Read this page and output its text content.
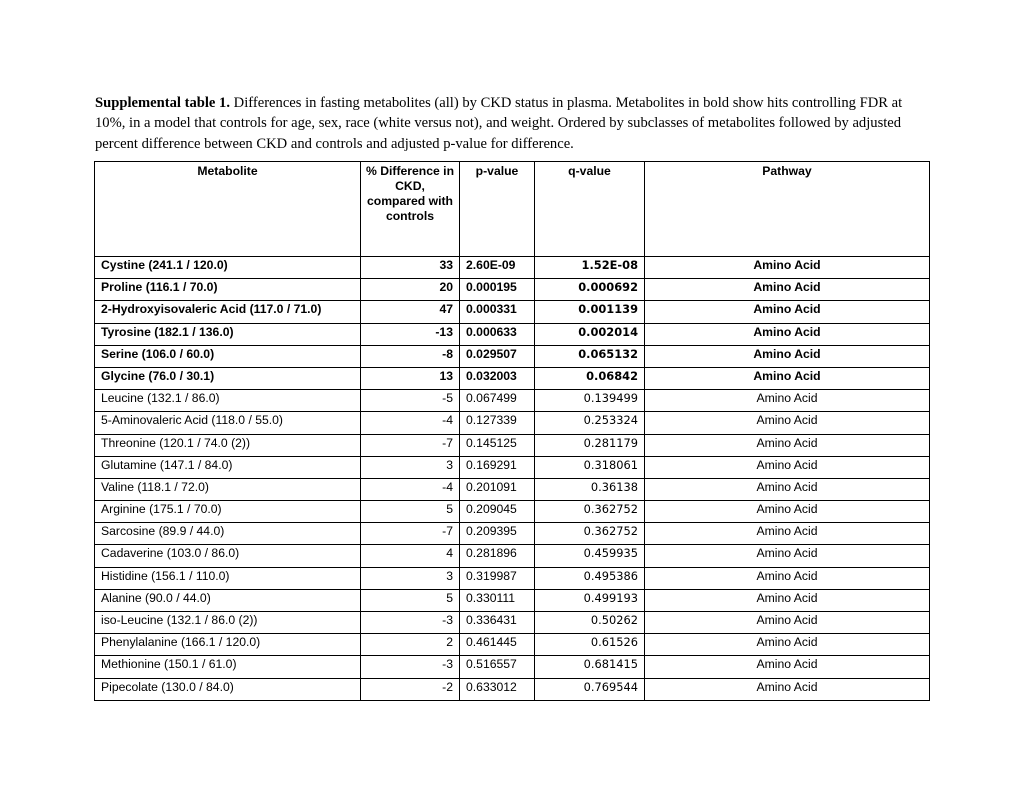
Supplemental table 1. Differences in fasting metabolites (all) by CKD status in plasma. Metabolites in bold show hits controlling FDR at 10%, in a model that controls for age, sex, race (white versus not), and weight. Ordered by subclasses of metabolites followed by adjusted percent difference between CKD and controls and adjusted p-value for difference.
Metabolite	% Difference in CKD, compared with controls	p-value	q-value	Pathway
Cystine (241.1 / 120.0)	33	2.60E-09	1.52E-08	Amino Acid
Proline (116.1 / 70.0)	20	0.000195	0.000692	Amino Acid
2-Hydroxyisovaleric Acid (117.0 / 71.0)	47	0.000331	0.001139	Amino Acid
Tyrosine (182.1 / 136.0)	-13	0.000633	0.002014	Amino Acid
Serine (106.0 / 60.0)	-8	0.029507	0.065132	Amino Acid
Glycine (76.0 / 30.1)	13	0.032003	0.06842	Amino Acid
Leucine (132.1 / 86.0)	-5	0.067499	0.139499	Amino Acid
5-Aminovaleric Acid (118.0 / 55.0)	-4	0.127339	0.253324	Amino Acid
Threonine (120.1 / 74.0 (2))	-7	0.145125	0.281179	Amino Acid
Glutamine (147.1 / 84.0)	3	0.169291	0.318061	Amino Acid
Valine (118.1 / 72.0)	-4	0.201091	0.36138	Amino Acid
Arginine (175.1 / 70.0)	5	0.209045	0.362752	Amino Acid
Sarcosine (89.9 / 44.0)	-7	0.209395	0.362752	Amino Acid
Cadaverine (103.0 / 86.0)	4	0.281896	0.459935	Amino Acid
Histidine (156.1 / 110.0)	3	0.319987	0.495386	Amino Acid
Alanine (90.0 / 44.0)	5	0.330111	0.499193	Amino Acid
iso-Leucine (132.1 / 86.0 (2))	-3	0.336431	0.50262	Amino Acid
Phenylalanine (166.1 / 120.0)	2	0.461445	0.61526	Amino Acid
Methionine (150.1 / 61.0)	-3	0.516557	0.681415	Amino Acid
Pipecolate (130.0 / 84.0)	-2	0.633012	0.769544	Amino Acid
